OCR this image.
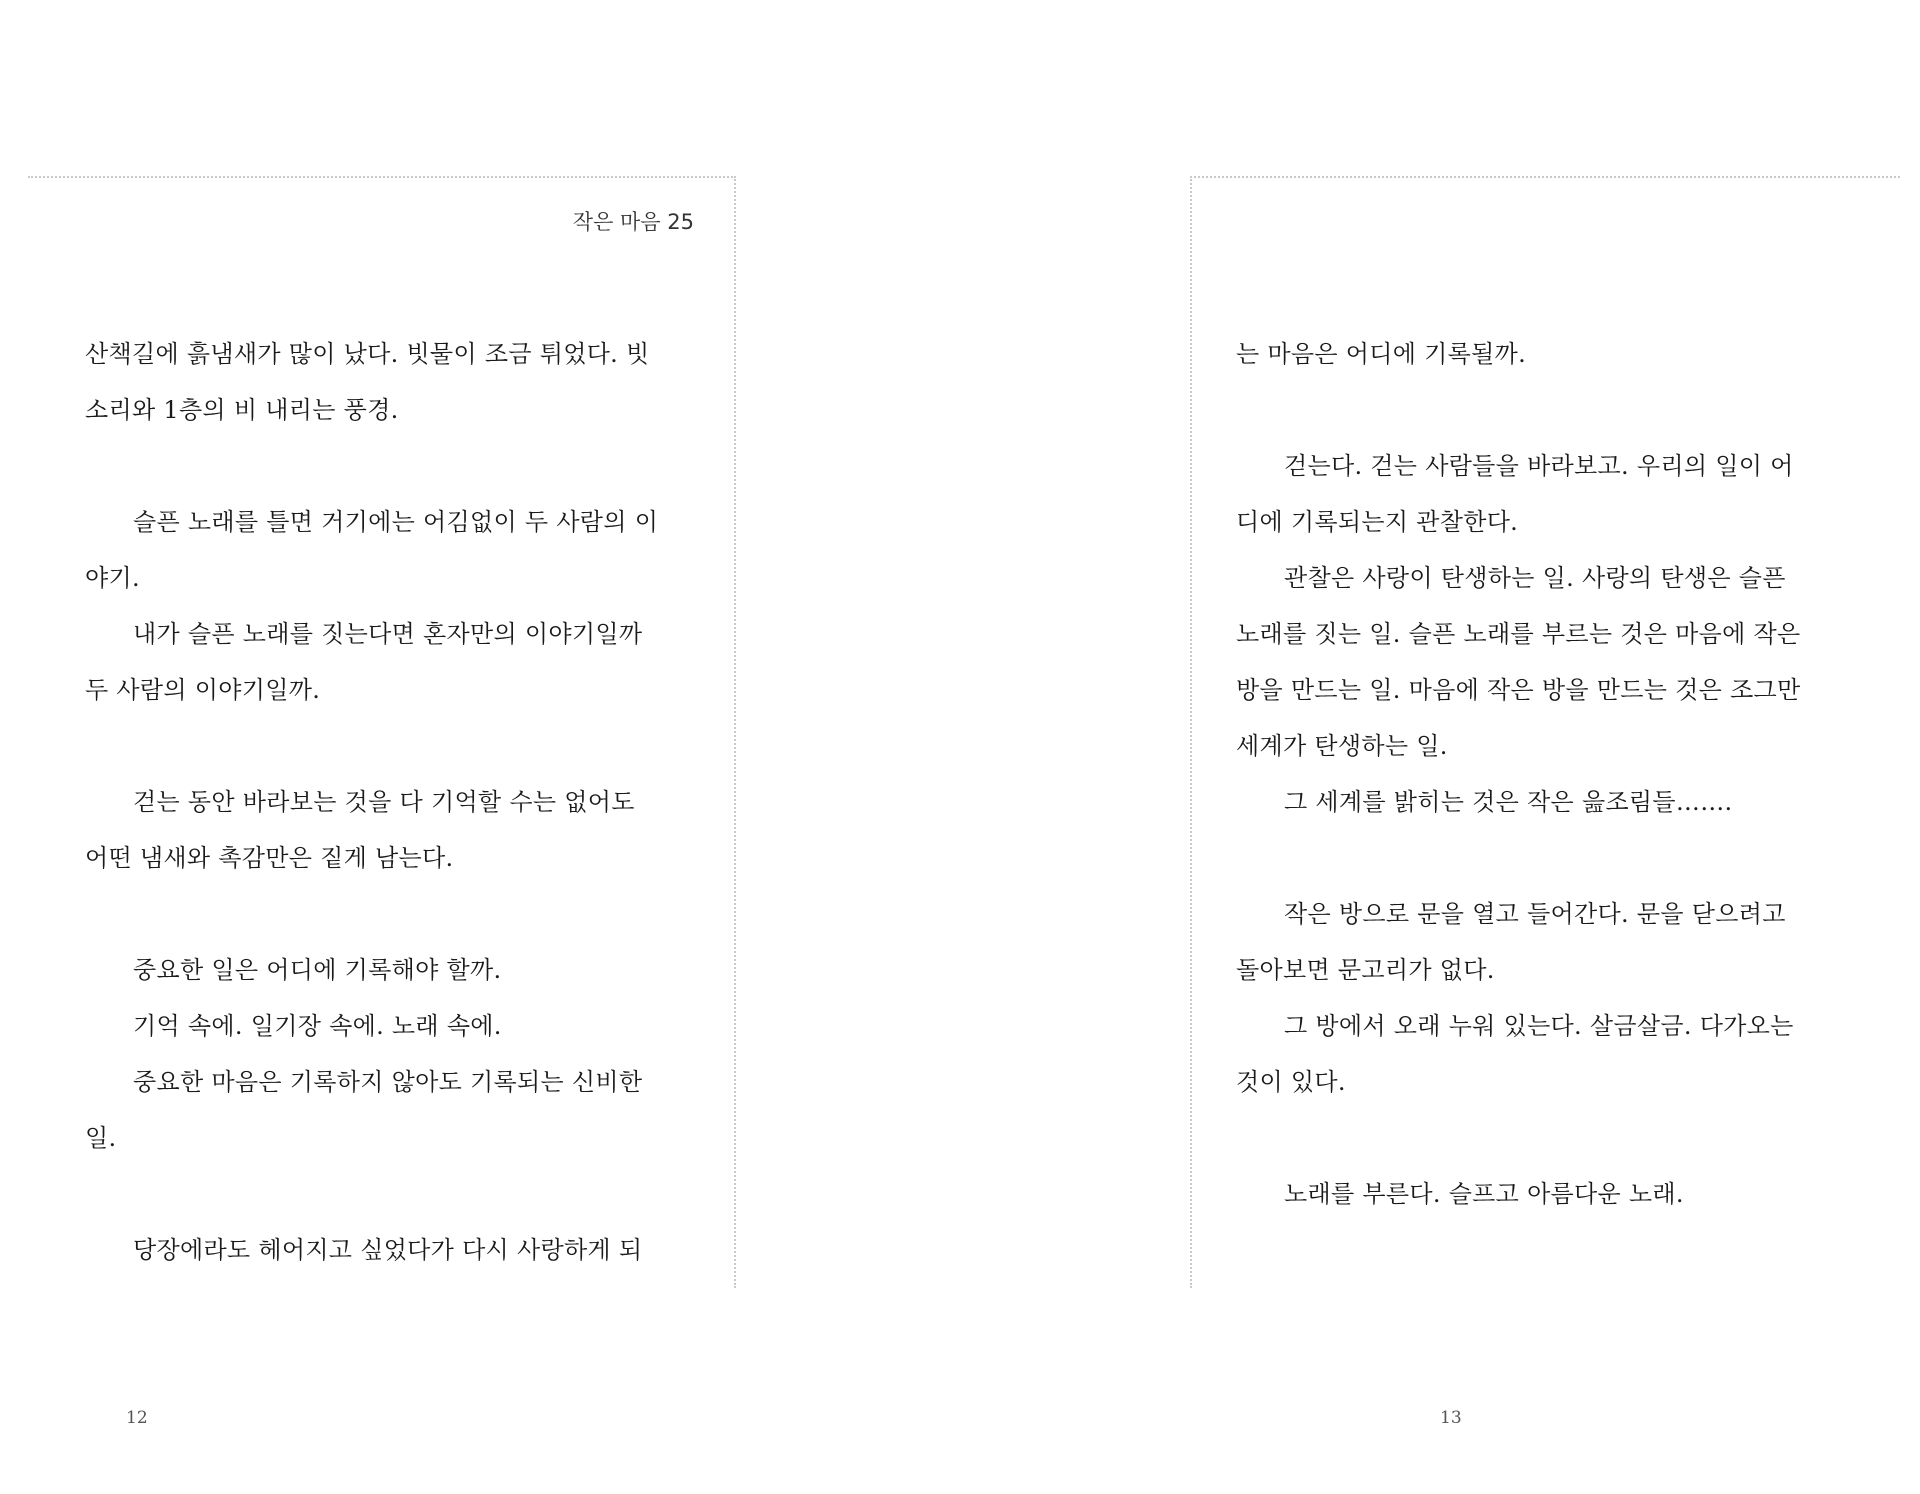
작은 마음 25
산책길에 흙냄새가 많이 났다. 빗물이 조금 튀었다. 빗
소리와 1층의 비 내리는 풍경.
슬픈 노래를 틀면 거기에는 어김없이 두 사람의 이
야기.
내가 슬픈 노래를 짓는다면 혼자만의 이야기일까
두 사람의 이야기일까.
걷는 동안 바라보는 것을 다 기억할 수는 없어도
어떤 냄새와 촉감만은 짙게 남는다.
중요한 일은 어디에 기록해야 할까.
기억 속에. 일기장 속에. 노래 속에.
중요한 마음은 기록하지 않아도 기록되는 신비한
일.
당장에라도 헤어지고 싶었다가 다시 사랑하게 되
는 마음은 어디에 기록될까.
걷는다. 걷는 사람들을 바라보고. 우리의 일이 어
디에 기록되는지 관찰한다.
관찰은 사랑이 탄생하는 일. 사랑의 탄생은 슬픈
노래를 짓는 일. 슬픈 노래를 부르는 것은 마음에 작은
방을 만드는 일. 마음에 작은 방을 만드는 것은 조그만
세계가 탄생하는 일.
그 세계를 밝히는 것은 작은 읊조림들…….
작은 방으로 문을 열고 들어간다. 문을 닫으려고
돌아보면 문고리가 없다.
그 방에서 오래 누워 있는다. 살금살금. 다가오는
것이 있다.
노래를 부른다. 슬프고 아름다운 노래.
12	13
